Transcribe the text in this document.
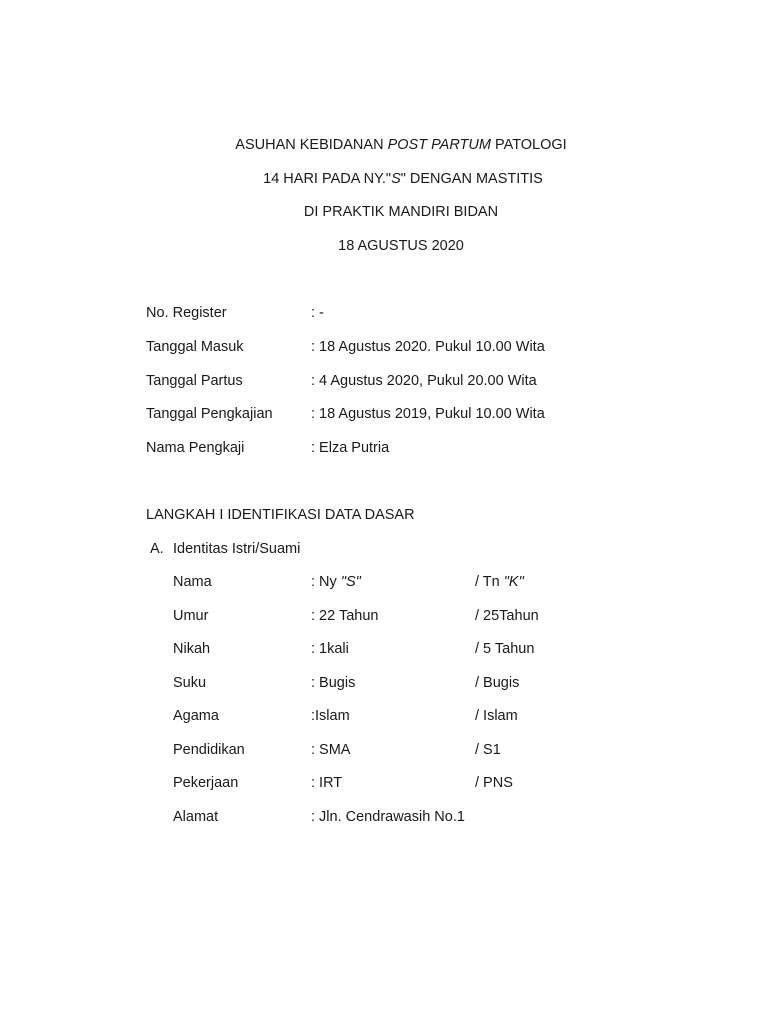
ASUHAN KEBIDANAN POST PARTUM PATOLOGI
14 HARI PADA NY."S" DENGAN MASTITIS
DI PRAKTIK MANDIRI BIDAN
18 AGUSTUS 2020
No. Register	: -
Tanggal Masuk	: 18 Agustus 2020. Pukul 10.00 Wita
Tanggal Partus	: 4 Agustus 2020, Pukul 20.00 Wita
Tanggal Pengkajian	: 18 Agustus 2019, Pukul 10.00 Wita
Nama Pengkaji	: Elza Putria
LANGKAH I IDENTIFIKASI DATA DASAR
A. Identitas Istri/Suami
Nama	: Ny "S"	/ Tn "K"
Umur	: 22 Tahun	/ 25Tahun
Nikah	: 1kali	/ 5 Tahun
Suku	: Bugis	/ Bugis
Agama	:Islam	/ Islam
Pendidikan	: SMA	/ S1
Pekerjaan	: IRT	/ PNS
Alamat	: Jln. Cendrawasih No.1
